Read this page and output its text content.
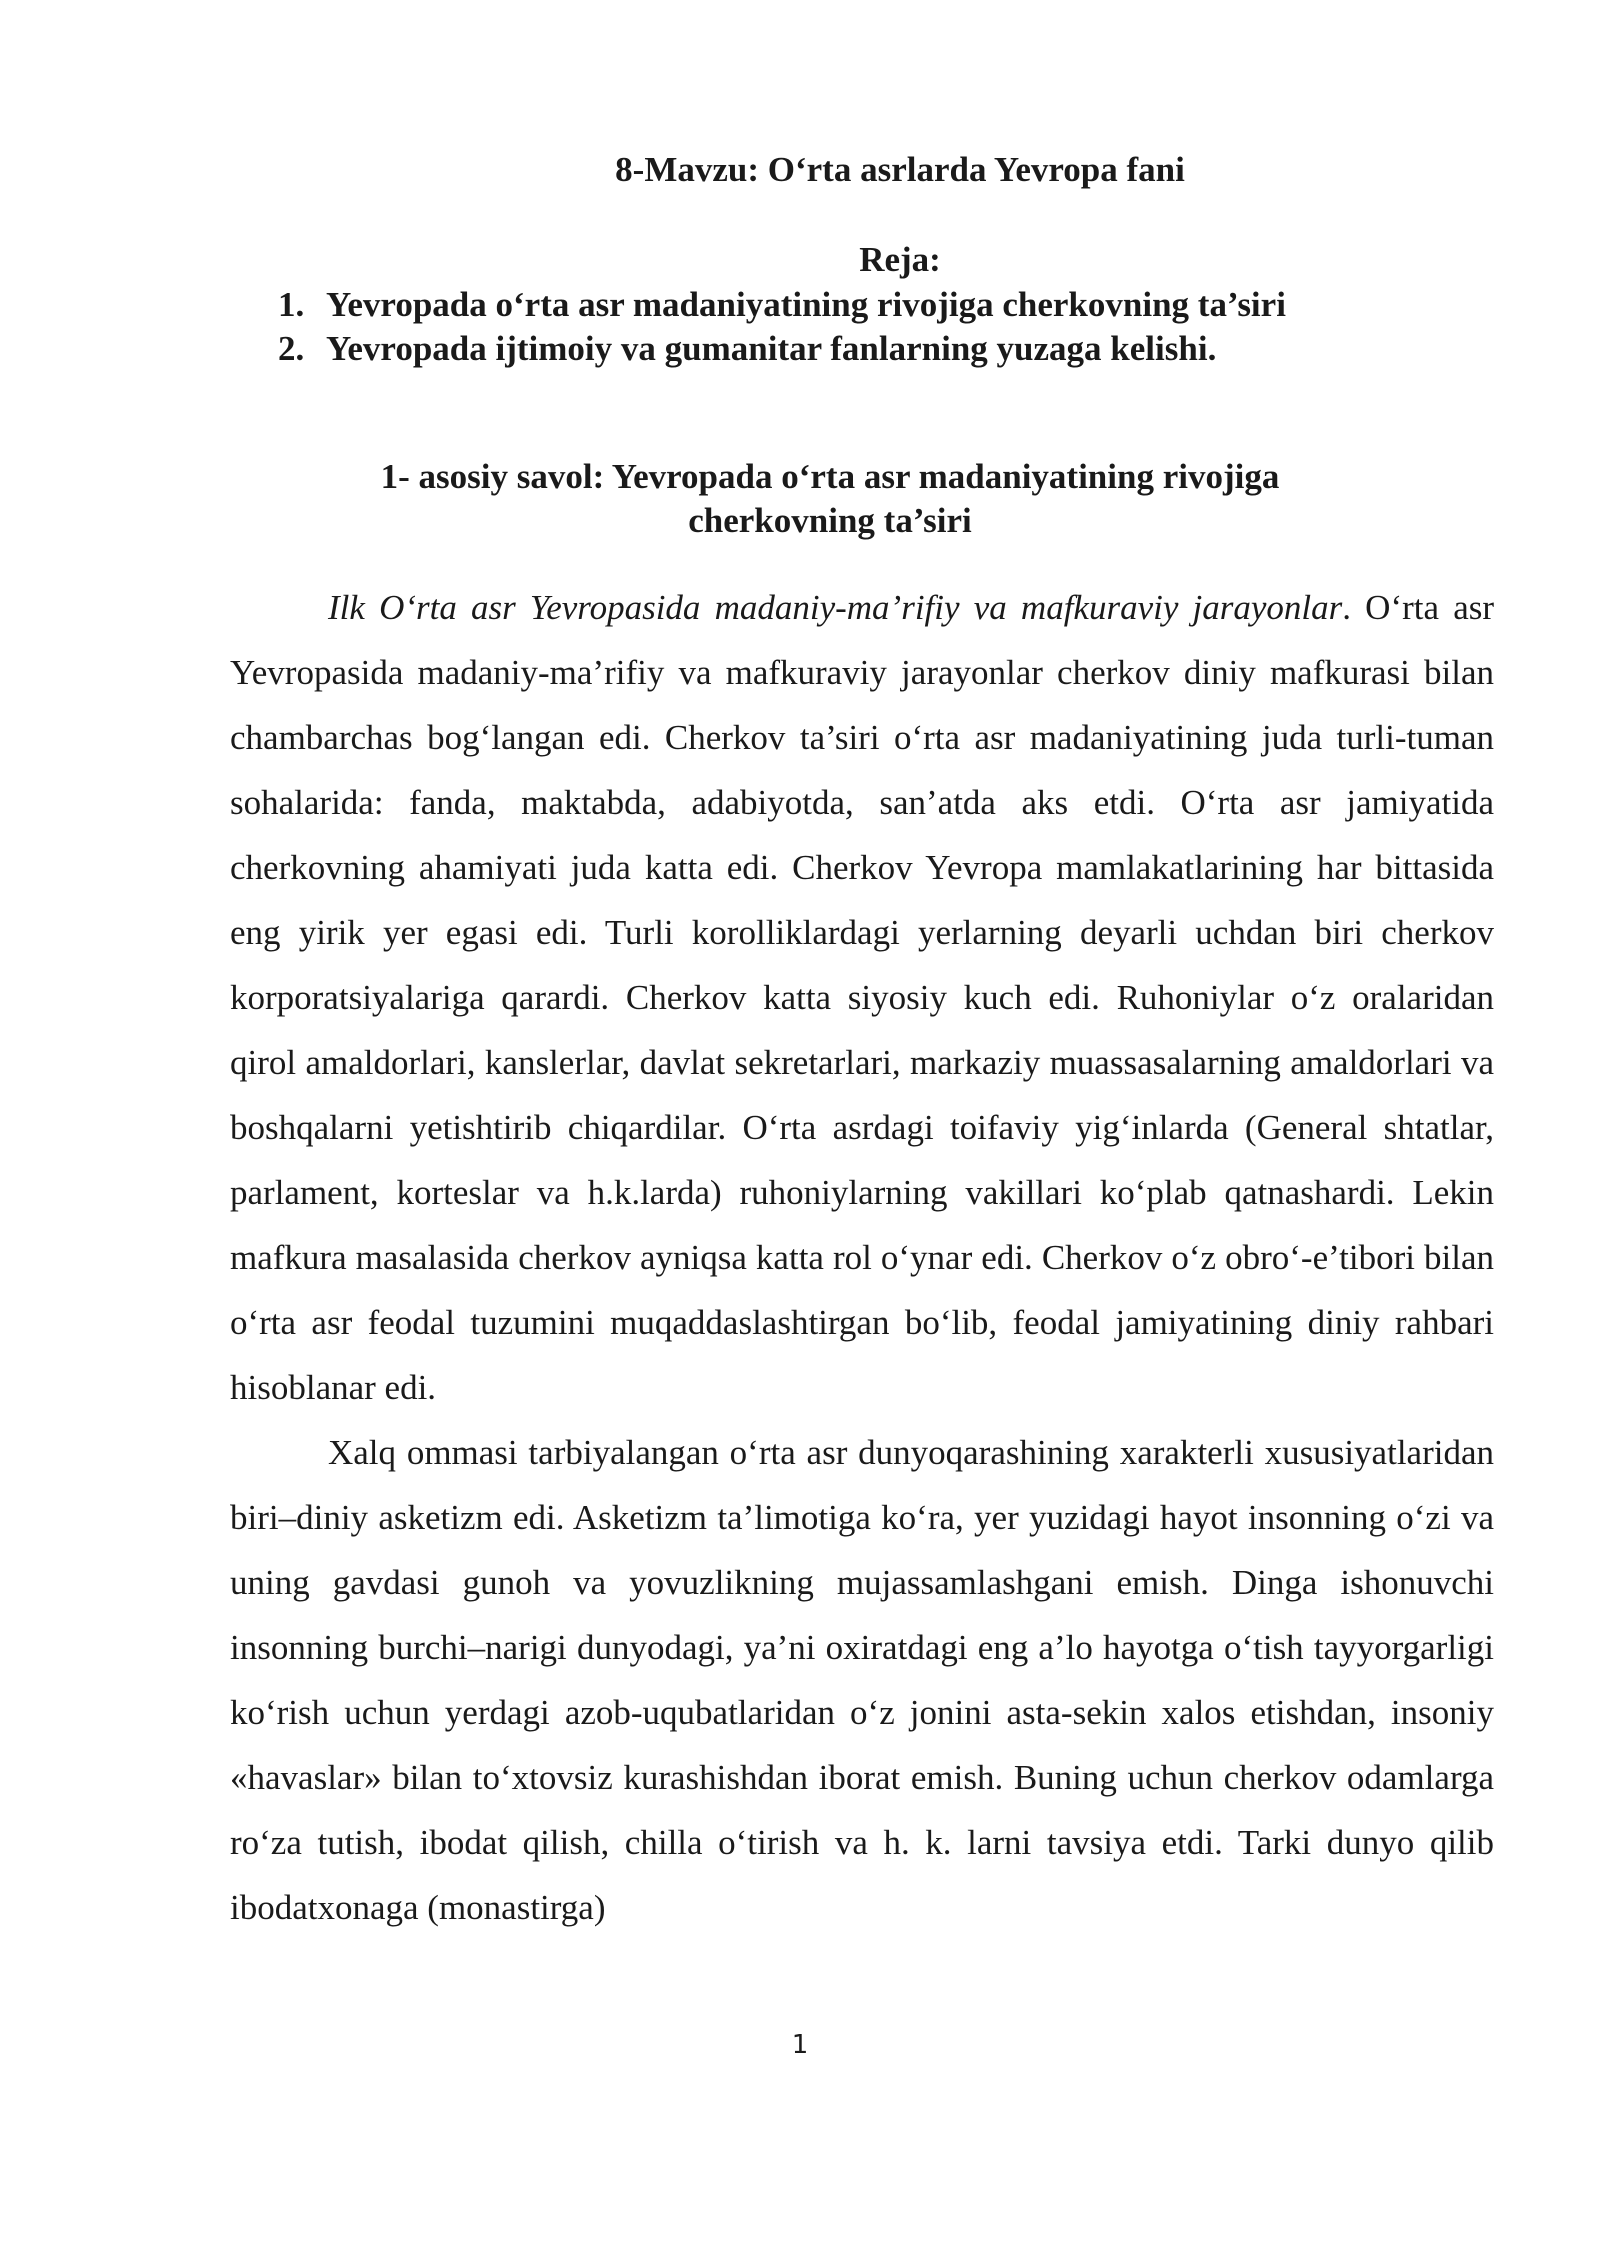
8-Mavzu: O‘rta asrlarda Yevropa fani
Reja:
1. Yevropada o‘rta asr madaniyatining rivojiga cherkovning ta’siri
2. Yevropada ijtimoiy va gumanitar fanlarning yuzaga kelishi.
1- asosiy savol: Yevropada o‘rta asr madaniyatining rivojiga
cherkovning ta’siri

Ilk O‘rta asr Yevropasida madaniy-ma’rifiy va mafkuraviy jarayonlar. O‘rta asr Yevropasida madaniy-ma’rifiy va mafkuraviy jarayonlar cherkov diniy mafkurasi bilan chambarchas bog‘langan edi. Cherkov ta’siri o‘rta asr madaniyatining juda turli-tuman sohalarida: fanda, maktabda, adabiyotda, san’atda aks etdi. O‘rta asr jamiyatida cherkovning ahamiyati juda katta edi. Cherkov Yevropa mamlakatlarining har bittasida eng yirik yer egasi edi. Turli korolliklardagi yerlarning deyarli uchdan biri cherkov korporatsiyalariga qarardi. Cherkov katta siyosiy kuch edi. Ruhoniylar o‘z oralaridan qirol amaldorlari, kanslerlar, davlat sekretarlari, markaziy muassasalarning amaldorlari va boshqalarni yetishtirib chiqardilar. O‘rta asrdagi toifaviy yig‘inlarda (General shtatlar, parlament, korteslar va h.k.larda) ruhoniylarning vakillari ko‘plab qatnashardi. Lekin mafkura masalasida cherkov ayniqsa katta rol o‘ynar edi. Cherkov o‘z obro‘-e’tibori bilan o‘rta asr feodal tuzumini muqaddaslashtirgan bo‘lib, feodal jamiyatining diniy rahbari hisoblanar edi.

Xalq ommasi tarbiyalangan o‘rta asr dunyoqarashining xarakterli xususiyatlaridan biri–diniy asketizm edi. Asketizm ta’limotiga ko‘ra, yer yuzidagi hayot insonning o‘zi va uning gavdasi gunoh va yovuzlikning mujassamlashgani emish. Dinga ishonuvchi insonning burchi–narigi dunyodagi, ya’ni oxiratdagi eng a’lo hayotga o‘tish tayyorgarligi ko‘rish uchun yerdagi azob-uqubatlaridan o‘z jonini asta-sekin xalos etishdan, insoniy «havaslar» bilan to‘xtovsiz kurashishdan iborat emish. Buning uchun cherkov odamlarga ro‘za tutish, ibodat qilish, chilla o‘tirish va h. k. larni tavsiya etdi. Tarki dunyo qilib ibodatxonaga (monastirga)

1
